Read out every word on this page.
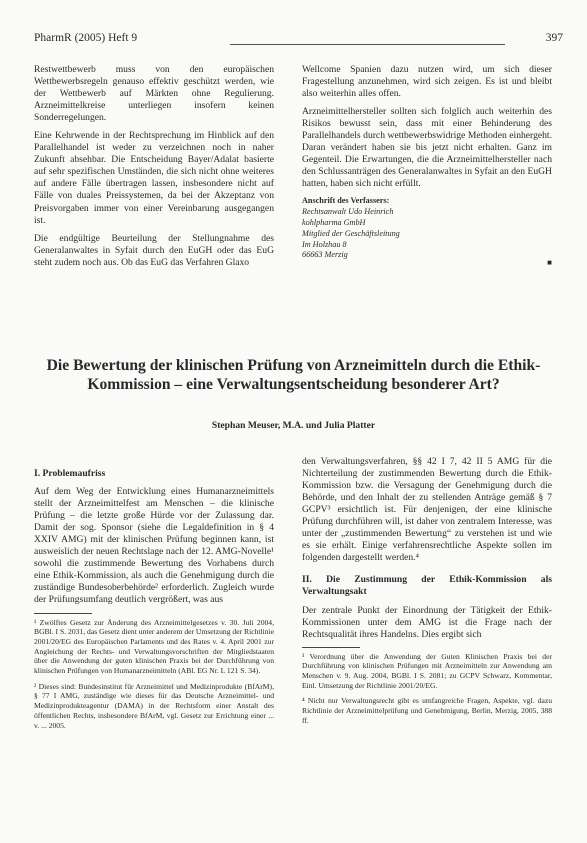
PharmR (2005) Heft 9	397

Restwettbewerb muss von den europäischen Wettbewerbsregeln genauso effektiv geschützt werden, wie der Wettbewerb auf Märkten ohne Regulierung. Arzneimittelkreise unterliegen insofern keinen Sonderregelungen.

Eine Kehrwende in der Rechtsprechung im Hinblick auf den Parallelhandel ist weder zu verzeichnen noch in naher Zukunft absehbar. Die Entscheidung Bayer/Adalat basierte auf sehr spezifischen Umständen, die sich nicht ohne weiteres auf andere Fälle übertragen lassen, insbesondere nicht auf Fälle von duales Preissystemen, da bei der Akzeptanz von Preisvorgaben immer von einer Vereinbarung ausgegangen ist.

Die endgültige Beurteilung der Stellungnahme des Generalanwaltes in Syfait durch den EuGH oder das EuG steht zudem noch aus. Ob das EuG das Verfahren Glaxo

Wellcome Spanien dazu nutzen wird, um sich dieser Fragestellung anzunehmen, wird sich zeigen. Es ist und bleibt also weiterhin alles offen.

Arzneimittelhersteller sollten sich folglich auch weiterhin des Risikos bewusst sein, dass mit einer Behinderung des Parallelhandels durch wettbewerbswidrige Methoden einhergeht. Daran verändert haben sie bis jetzt nicht erhalten. Ganz im Gegenteil. Die Erwartungen, die die Arzneimittelhersteller nach den Schlussanträgen des Generalanwaltes in Syfait an den EuGH hatten, haben sich nicht erfüllt.

Anschrift des Verfassers:
Rechtsanwalt Udo Heinrich
kohlpharma GmbH
Mitglied der Geschäftsleitung
Im Holzhau 8
66663 Merzig
■
Die Bewertung der klinischen Prüfung von Arzneimitteln durch die Ethik-Kommission – eine Verwaltungsentscheidung besonderer Art?
Stephan Meuser, M.A. und Julia Platter
I. Problemaufriss

Auf dem Weg der Entwicklung eines Humanarzneimittels stellt der Arzneimittelfest am Menschen – die klinische Prüfung – die letzte große Hürde vor der Zulassung dar. Damit der sog. Sponsor (siehe die Legaldefinition in § 4 XXIV AMG) mit der klinischen Prüfung beginnen kann, ist ausweislich der neuen Rechtslage nach der 12. AMG-Novelle¹ sowohl die zustimmende Bewertung des Vorhabens durch eine Ethik-Kommission, als auch die Genehmigung durch die zuständige Bundesoberbehörde² erforderlich. Zugleich wurde der Prüfungsumfang deutlich vergrößert, was aus

¹ Zwölftes Gesetz zur Änderung des Arzneimittelgesetzes v. 30. Juli 2004, BGBl. I S. 2031, das Gesetz dient unter anderem der Umsetzung der Richtlinie 2001/20/EG des Europäischen Parlaments und des Rates v. 4. April 2001 zur Angleichung der Rechts- und Verwaltungsvorschriften der Mitgliedstaaten über die Anwendung der guten klinischen Praxis bei der Durchführung von klinischen Prüfungen von Humanarzneimitteln (ABl. EG Nr. L 121 S. 34).

² Dieses sind: Bundesinstitut für Arzneimittel und Medizinprodukte (BfArM), § 77 I AMG, zuständige wie dieses für das Deutsche Arzneimittel- und Medizinprodukteagentur (DAMA) in der Rechtsform einer Anstalt des öffentlichen Rechts, insbesondere BfArM, vgl. Gesetz zur Errichtung einer ... v. ... 2005.

den Verwaltungsverfahren, §§ 42 I 7, 42 II 5 AMG für die Nichterteilung der zustimmenden Bewertung durch die Ethik-Kommission bzw. die Versagung der Genehmigung durch die Behörde, und den Inhalt der zu stellenden Anträge gemäß § 7 GCPV³ ersichtlich ist. Für denjenigen, der eine klinische Prüfung durchführen will, ist daher von zentralem Interesse, was unter der „zustimmenden Bewertung“ zu verstehen ist und wie es sie erhält. Einige verfahrensrechtliche Aspekte sollen im folgenden dargestellt werden.⁴

II. Die Zustimmung der Ethik-Kommission als Verwaltungsakt

Der zentrale Punkt der Einordnung der Tätigkeit der Ethik-Kommissionen unter dem AMG ist die Frage nach der Rechtsqualität ihres Handelns. Dies ergibt sich

³ Verordnung über die Anwendung der Guten Klinischen Praxis bei der Durchführung von klinischen Prüfungen mit Arzneimitteln zur Anwendung am Menschen v. 9. Aug. 2004, BGBl. I S. 2081; zu GCPV Schwarz, Kommentar, Einl. Umsetzung der Richtlinie 2001/20/EG.

⁴ Nicht nur Verwaltungsrecht gibt es umfangreiche Fragen, Aspekte, vgl. dazu Richtlinie der Arzneimittelprüfung und Genehmigung, Berlin, Merzig, 2005, 388 ff.
